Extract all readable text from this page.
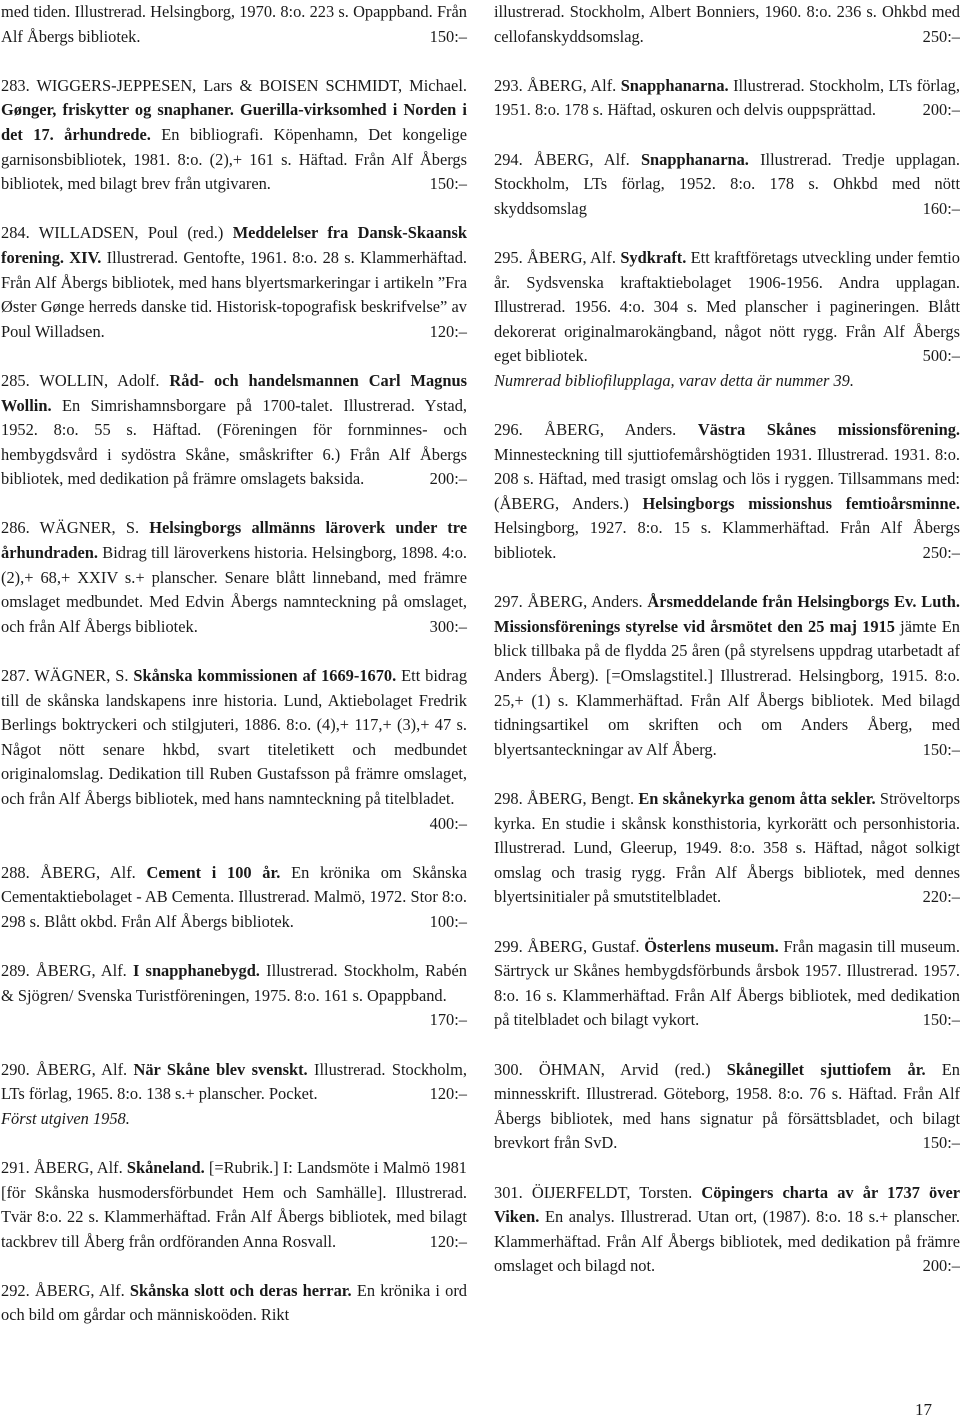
med tiden. Illustrerad. Helsingborg, 1970. 8:o. 223 s. Opappband. Från Alf Åbergs bibliotek.	150:–

283. WIGGERS-JEPPESEN, Lars & BOISEN SCHMIDT, Michael. Gønger, friskytter og snaphaner. Guerilla-virksomhed i Norden i det 17. århundrede. En bibliografi. Köpenhamn, Det kongelige garnisonsbibliotek, 1981. 8:o. (2),+ 161 s. Häftad. Från Alf Åbergs bibliotek, med bilagt brev från utgivaren.	150:–

284. WILLADSEN, Poul (red.) Meddelelser fra Dansk-Skaansk forening. XIV. Illustrerad. Gentofte, 1961. 8:o. 28 s. Klammerhäftad. Från Alf Åbergs bibliotek, med hans blyertsmarkeringar i artikeln ”Fra Øster Gønge herreds danske tid. Historisk-topografisk beskrifvelse” av Poul Willadsen.	120:–

285. WOLLIN, Adolf. Råd- och handelsmannen Carl Magnus Wollin. En Simrishamnsborgare på 1700-talet. Illustrerad. Ystad, 1952. 8:o. 55 s. Häftad. (Föreningen för fornminnes- och hembygdsvård i sydöstra Skåne, småskrifter 6.) Från Alf Åbergs bibliotek, med dedikation på främre omslagets baksida.	200:–

286. WÄGNER, S. Helsingborgs allmänns läroverk under tre århundraden. Bidrag till läroverkens historia. Helsingborg, 1898. 4:o. (2),+ 68,+ XXIV s.+ planscher. Senare blått linneband, med främre omslaget medbundet. Med Edvin Åbergs namnteckning på omslaget, och från Alf Åbergs bibliotek.	300:–

287. WÄGNER, S. Skånska kommissionen af 1669-1670. Ett bidrag till de skånska landskapens inre historia. Lund, Aktiebolaget Fredrik Berlings boktryckeri och stilgjuteri, 1886. 8:o. (4),+ 117,+ (3),+ 47 s. Något nött senare hkbd, svart titeletikett och medbundet originalomslag. Dedikation till Ruben Gustafsson på främre omslaget, och från Alf Åbergs bibliotek, med hans namnteckning på titelbladet.
400:–

288. ÅBERG, Alf. Cement i 100 år. En krönika om Skånska Cementaktiebolaget - AB Cementa. Illustrerad. Malmö, 1972. Stor 8:o. 298 s. Blått okbd. Från Alf Åbergs bibliotek.	100:–

289. ÅBERG, Alf. I snapphanebygd. Illustrerad. Stockholm, Rabén & Sjögren/ Svenska Turistföreningen, 1975. 8:o. 161 s. Opappband.
170:–

290. ÅBERG, Alf. När Skåne blev svenskt. Illustrerad. Stockholm, LTs förlag, 1965. 8:o. 138 s.+ planscher. Pocket.	120:–

Först utgiven 1958.

291. ÅBERG, Alf. Skåneland. [=Rubrik.] I: Landsmöte i Malmö 1981 [för Skånska husmodersförbundet Hem och Samhälle]. Illustrerad. Tvär 8:o. 22 s. Klammerhäftad. Från Alf Åbergs bibliotek, med bilagt tackbrev till Åberg från ordföranden Anna Rosvall.	120:–

292. ÅBERG, Alf. Skånska slott och deras herrar. En krönika i ord och bild om gårdar och människoöden. Rikt

illustrerad. Stockholm, Albert Bonniers, 1960. 8:o. 236 s. Ohkbd med cellofanskyddsomslag.	250:–

293. ÅBERG, Alf. Snapphanarna. Illustrerad. Stockholm, LTs förlag, 1951. 8:o. 178 s. Häftad, oskuren och delvis ouppsprättad.	200:–

294. ÅBERG, Alf. Snapphanarna. Illustrerad. Tredje upplagan. Stockholm, LTs förlag, 1952. 8:o. 178 s. Ohkbd med nött skyddsomslag	160:–

295. ÅBERG, Alf. Sydkraft. Ett kraftföretags utveckling under femtio år. Sydsvenska kraftaktiebolaget 1906-1956. Andra upplagan. Illustrerad. 1956. 4:o. 304 s. Med planscher i pagineringen. Blått dekorerat originalmarokängband, något nött rygg. Från Alf Åbergs eget bibliotek.	500:–

Numrerad bibliofilupplaga, varav detta är nummer 39.

296. ÅBERG, Anders. Västra Skånes missionsförening. Minnesteckning till sjuttiofemårshögtiden 1931. Illustrerad. 1931. 8:o. 208 s. Häftad, med trasigt omslag och lös i ryggen. Tillsammans med: (ÅBERG, Anders.) Helsingborgs missionshus femtioårsminne. Helsingborg, 1927. 8:o. 15 s. Klammerhäftad. Från Alf Åbergs bibliotek.	250:–

297. ÅBERG, Anders. Årsmeddelande från Helsingborgs Ev. Luth. Missionsförenings styrelse vid årsmötet den 25 maj 1915 jämte En blick tillbaka på de flydda 25 åren (på styrelsens uppdrag utarbetadt af Anders Åberg). [=Omslagstitel.] Illustrerad. Helsingborg, 1915. 8:o. 25,+ (1) s. Klammerhäftad. Från Alf Åbergs bibliotek. Med bilagd tidningsartikel om skriften och om Anders Åberg, med blyertsanteckningar av Alf Åberg.	150:–

298. ÅBERG, Bengt. En skånekyrka genom åtta sekler. Ströveltorps kyrka. En studie i skånsk konsthistoria, kyrkorätt och personhistoria. Illustrerad. Lund, Gleerup, 1949. 8:o. 358 s. Häftad, något solkigt omslag och trasig rygg. Från Alf Åbergs bibliotek, med dennes blyertsinitialer på smutstitelbladet.	220:–

299. ÅBERG, Gustaf. Österlens museum. Från magasin till museum. Särtryck ur Skånes hembygdsförbunds årsbok 1957. Illustrerad. 1957. 8:o. 16 s. Klammerhäftad. Från Alf Åbergs bibliotek, med dedikation på titelbladet och bilagt vykort.	150:–

300. ÖHMAN, Arvid (red.) Skånegillet sjuttiofem år. En minnesskrift. Illustrerad. Göteborg, 1958. 8:o. 76 s. Häftad. Från Alf Åbergs bibliotek, med hans signatur på försättsbladet, och bilagt brevkort från SvD.	150:–

301. ÖIJERFELDT, Torsten. Cöpingers charta av år 1737 över Viken. En analys. Illustrerad. Utan ort, (1987). 8:o. 18 s.+ planscher. Klammerhäftad. Från Alf Åbergs bibliotek, med dedikation på främre omslaget och bilagd not.	200:–

17
